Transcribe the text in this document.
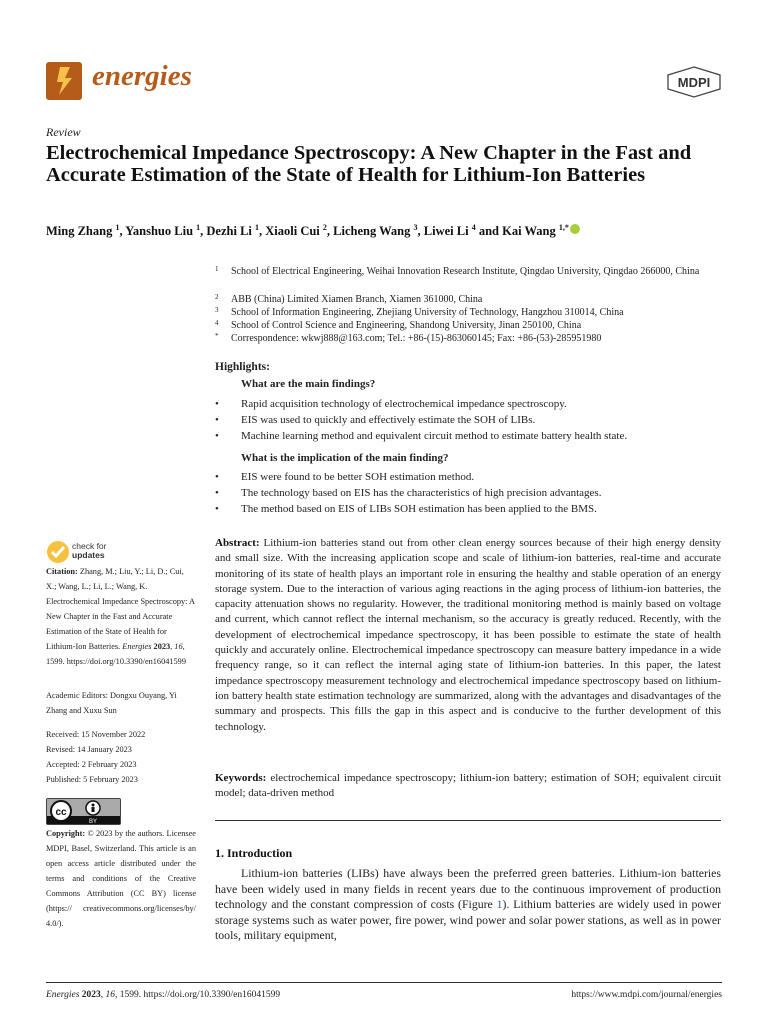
energies	MDPI
Review
Electrochemical Impedance Spectroscopy: A New Chapter in the Fast and Accurate Estimation of the State of Health for Lithium-Ion Batteries
Ming Zhang $^1$, Yanshuo Liu $^1$, Dezhi Li $^1$, Xiaoli Cui $^2$, Licheng Wang $^3$, Liwei Li $^4$ and Kai Wang $^{1,*}$
1 School of Electrical Engineering, Weihai Innovation Research Institute, Qingdao University, Qingdao 266000, China
2 ABB (China) Limited Xiamen Branch, Xiamen 361000, China
3 School of Information Engineering, Zhejiang University of Technology, Hangzhou 310014, China
4 School of Control Science and Engineering, Shandong University, Jinan 250100, China
* Correspondence: wkwj888@163.com; Tel.: +86-(15)-863060145; Fax: +86-(53)-285951980
Highlights:
What are the main findings?
• Rapid acquisition technology of electrochemical impedance spectroscopy.
• EIS was used to quickly and effectively estimate the SOH of LIBs.
• Machine learning method and equivalent circuit method to estimate battery health state.
What is the implication of the main finding?
• EIS were found to be better SOH estimation method.
• The technology based on EIS has the characteristics of high precision advantages.
• The method based on EIS of LIBs SOH estimation has been applied to the BMS.
Abstract: Lithium-ion batteries stand out from other clean energy sources because of their high energy density and small size. With the increasing application scope and scale of lithium-ion batteries, real-time and accurate monitoring of its state of health plays an important role in ensuring the healthy and stable operation of an energy storage system. Due to the interaction of various aging reactions in the aging process of lithium-ion batteries, the capacity attenuation shows no regularity. However, the traditional monitoring method is mainly based on voltage and current, which cannot reflect the internal mechanism, so the accuracy is greatly reduced. Recently, with the development of electrochemical impedance spectroscopy, it has been possible to estimate the state of health quickly and accurately online. Electrochemical impedance spectroscopy can measure battery impedance in a wide frequency range, so it can reflect the internal aging state of lithium-ion batteries. In this paper, the latest impedance spectroscopy measurement technology and electrochemical impedance spectroscopy based on lithium-ion battery health state estimation technology are summarized, along with the advantages and disadvantages of the summary and prospects. This fills the gap in this aspect and is conducive to the further development of this technology.
Keywords: electrochemical impedance spectroscopy; lithium-ion battery; estimation of SOH; equivalent circuit model; data-driven method
1. Introduction
Lithium-ion batteries (LIBs) have always been the preferred green batteries. Lithium-ion batteries have been widely used in many fields in recent years due to the continuous improvement of production technology and the constant compression of costs (Figure 1). Lithium batteries are widely used in power storage systems such as water power, fire power, wind power and solar power stations, as well as in power tools, military equipment,
check for
updates
Citation: Zhang, M.; Liu, Y.; Li, D.; Cui, X.; Wang, L.; Li, L.; Wang, K. Electrochemical Impedance Spectroscopy: A New Chapter in the Fast and Accurate Estimation of the State of Health for Lithium-Ion Batteries. Energies 2023, 16, 1599. https://doi.org/10.3390/en16041599
Academic Editors: Dongxu Ouyang, Yi Zhang and Xuxu Sun
Received: 15 November 2022
Revised: 14 January 2023
Accepted: 2 February 2023
Published: 5 February 2023
cc
BY
Copyright: © 2023 by the authors. Licensee MDPI, Basel, Switzerland. This article is an open access article distributed under the terms and conditions of the Creative Commons Attribution (CC BY) license (https:// creativecommons.org/licenses/by/ 4.0/).
Energies 2023, 16, 1599. https://doi.org/10.3390/en16041599	https://www.mdpi.com/journal/energies
